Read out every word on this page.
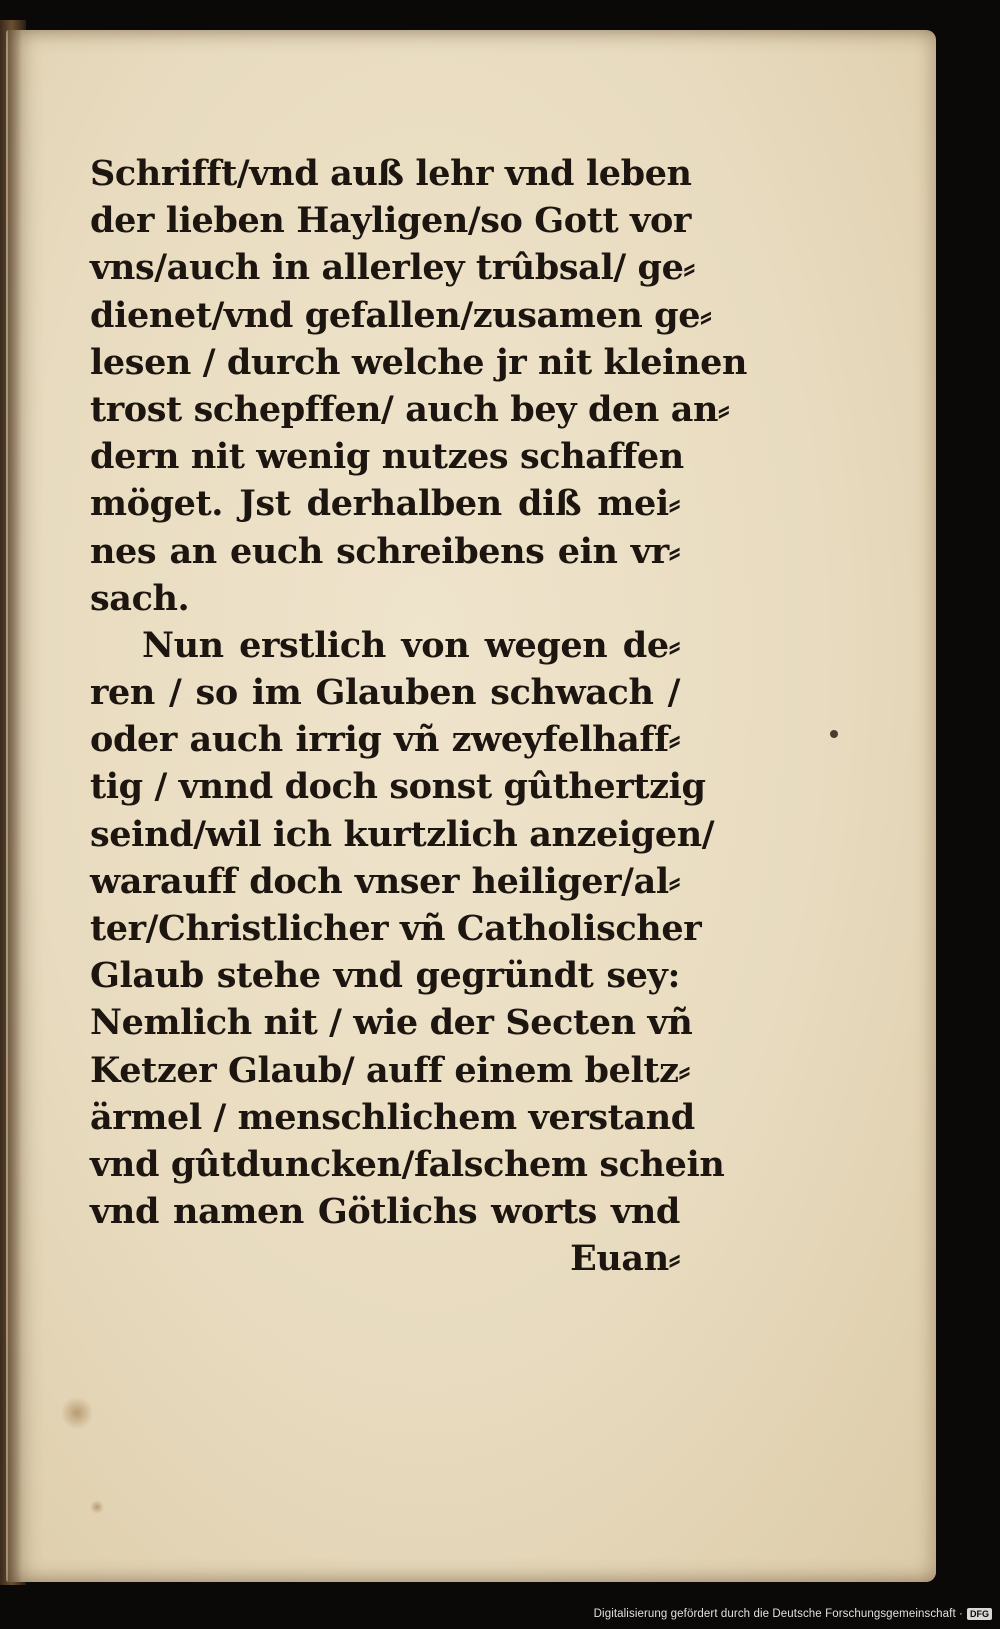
Schrifft/vnd auß lehr vnd leben
der lieben Hayligen/so Gott vor
vns/auch in allerley trûbsal/ ge⸗
dienet/vnd gefallen/zusamen ge⸗
lesen / durch welche jr nit kleinen
trost schepffen/ auch bey den an⸗
dern nit wenig nutzes schaffen
möget. Jst derhalben diß mei⸗
nes an euch schreibens ein vr⸗
sach.
Nun erstlich von wegen de⸗
ren / so im Glauben schwach /
oder auch irrig vñ zweyfelhaff⸗
tig / vnnd doch sonst gûthertzig
seind/wil ich kurtzlich anzeigen/
warauff doch vnser heiliger/al⸗
ter/Christlicher vñ Catholischer
Glaub stehe vnd gegründt sey:
Nemlich nit / wie der Secten vñ
Ketzer Glaub/ auff einem beltz⸗
ärmel / menschlichem verstand
vnd gûtduncken/falschem schein
vnd namen Götlichs worts vnd
Euan⸗
Digitalisierung gefördert durch die Deutsche Forschungsgemeinschaft · DFG
